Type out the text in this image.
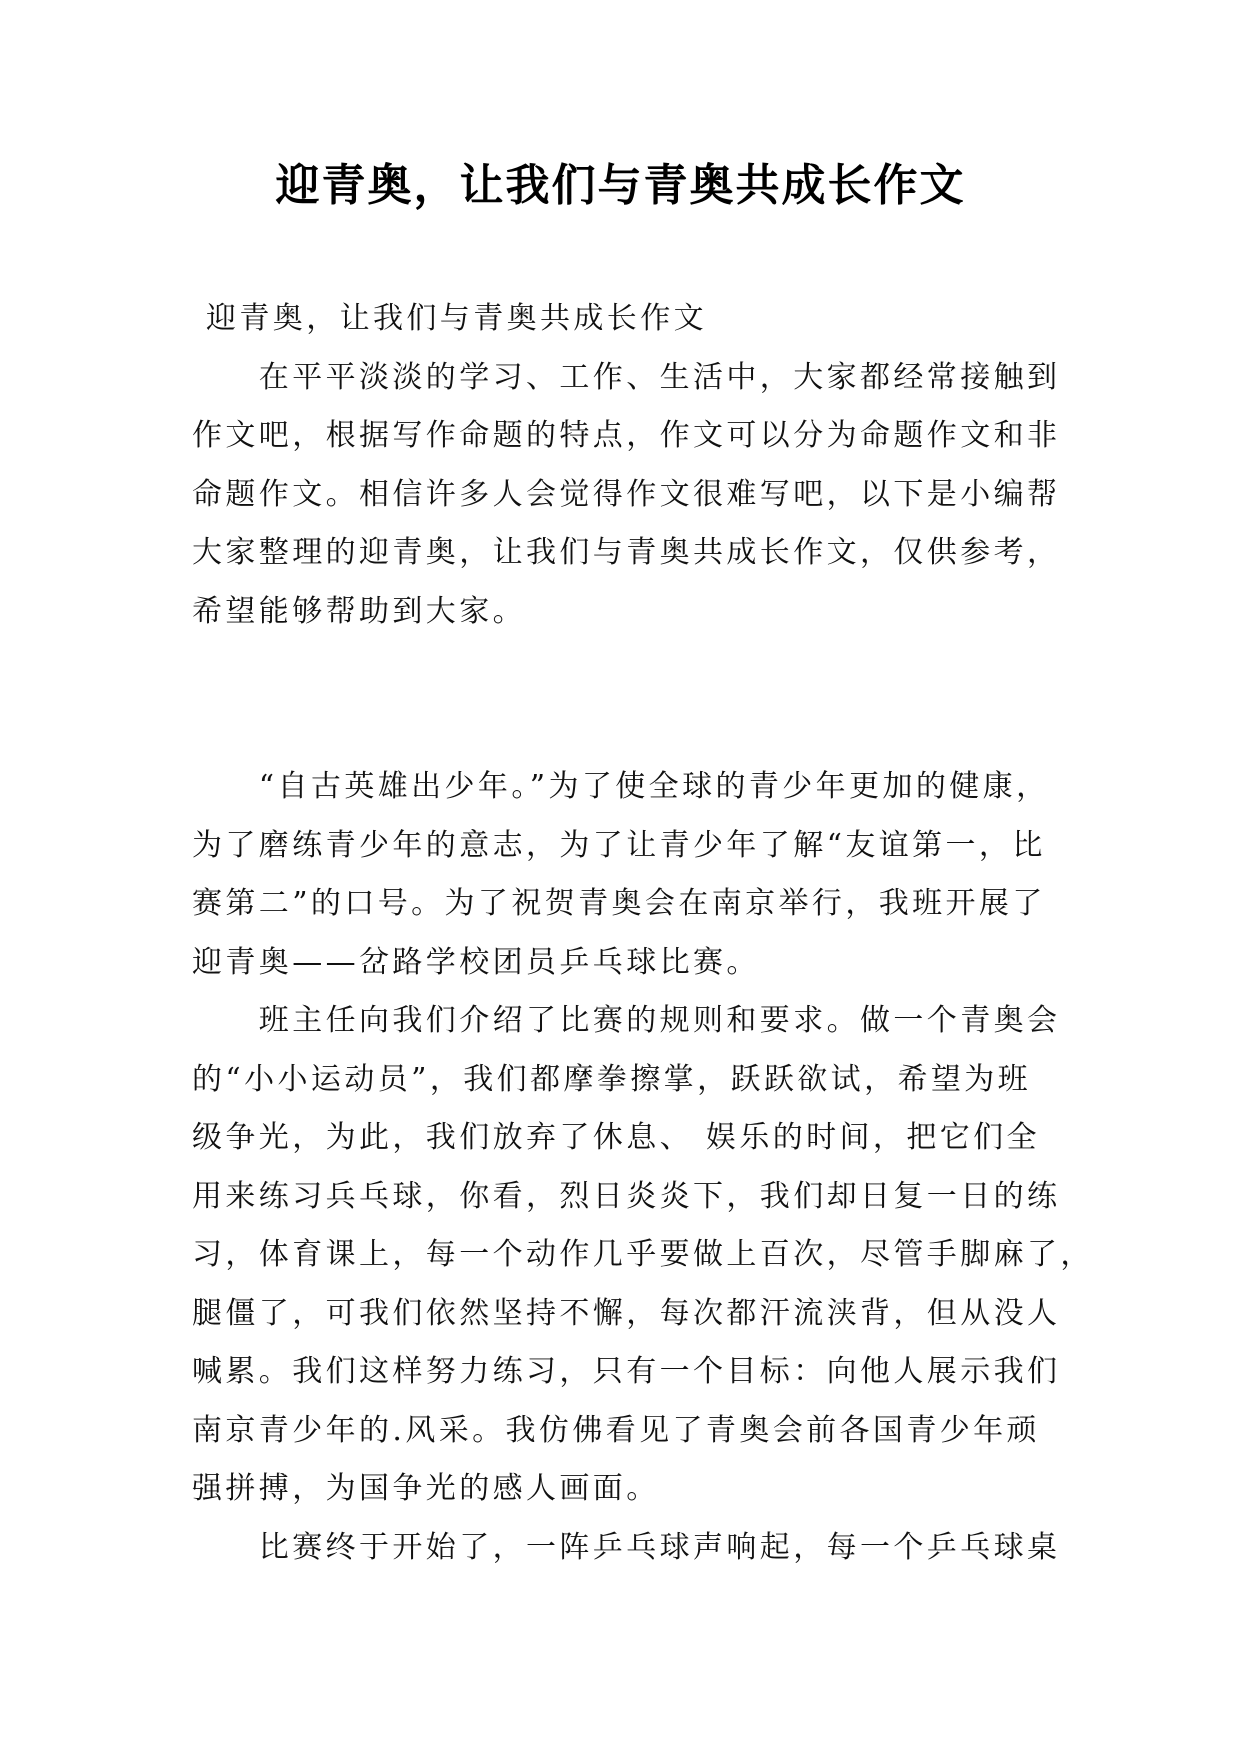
迎青奥，让我们与青奥共成长作文
迎青奥，让我们与青奥共成长作文
在平平淡淡的学习、工作、生活中，大家都经常接触到
作文吧，根据写作命题的特点，作文可以分为命题作文和非
命题作文。相信许多人会觉得作文很难写吧，以下是小编帮
大家整理的迎青奥，让我们与青奥共成长作文，仅供参考，
希望能够帮助到大家。
“自古英雄出少年。”为了使全球的青少年更加的健康，
为了磨练青少年的意志，为了让青少年了解“友谊第一，比
赛第二”的口号。为了祝贺青奥会在南京举行，我班开展了
迎青奥——岔路学校团员乒乓球比赛。
班主任向我们介绍了比赛的规则和要求。做一个青奥会
的“小小运动员”，我们都摩拳擦掌，跃跃欲试，希望为班
级争光，为此，我们放弃了休息、 娱乐的时间，把它们全
用来练习兵乓球，你看，烈日炎炎下，我们却日复一日的练
习，体育课上，每一个动作几乎要做上百次，尽管手脚麻了，
腿僵了，可我们依然坚持不懈，每次都汗流浃背，但从没人
喊累。我们这样努力练习，只有一个目标：向他人展示我们
南京青少年的.风采。我仿佛看见了青奥会前各国青少年顽
强拼搏，为国争光的感人画面。
比赛终于开始了，一阵乒乓球声响起，每一个乒乓球桌
